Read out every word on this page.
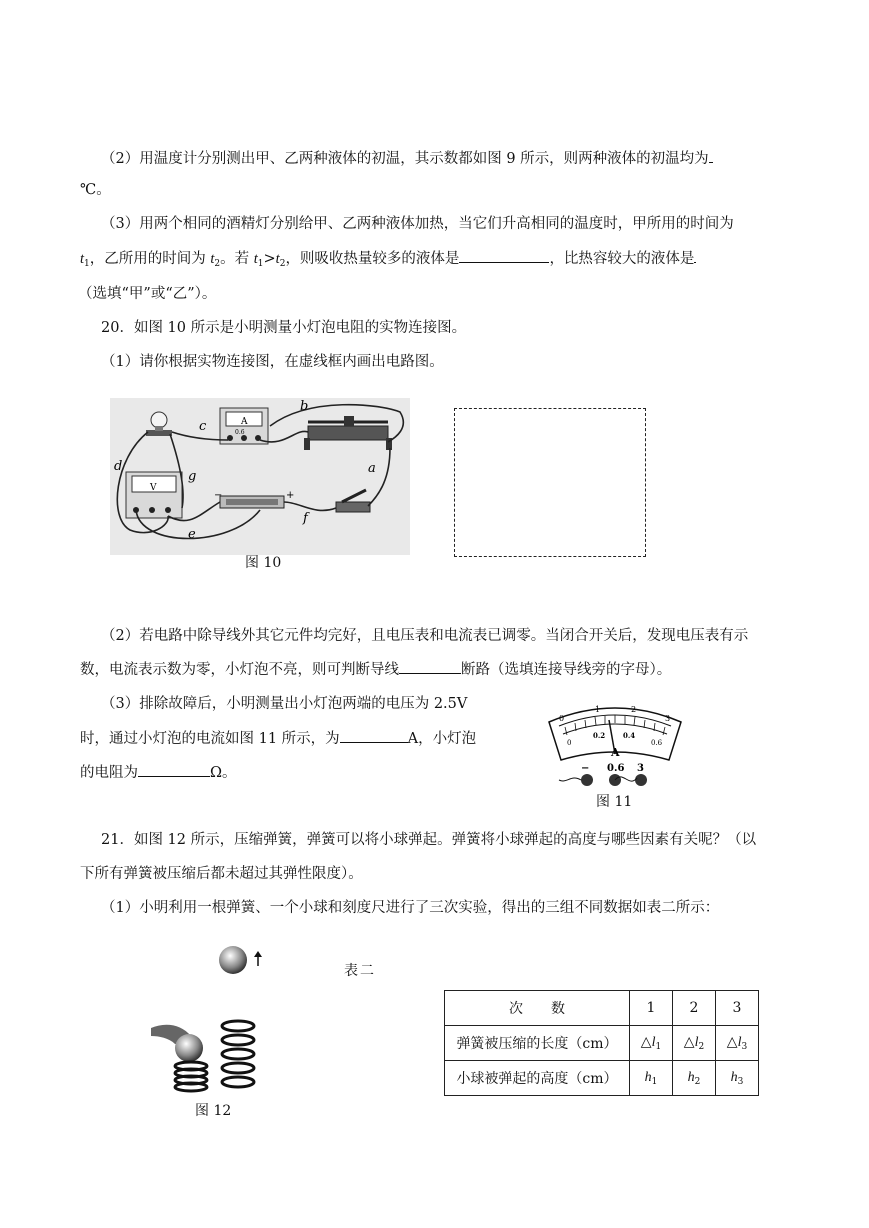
（2）用温度计分别测出甲、乙两种液体的初温，其示数都如图 9 所示，则两种液体的初温均为
℃。
（3）用两个相同的酒精灯分别给甲、乙两种液体加热，当它们升高相同的温度时，甲所用的时间为
$t_1$，乙所用的时间为 $t_2$。若 $t_1>t_2$，则吸收热量较多的液体是	，比热容较大的液体是
（选填“甲”或“乙”）。
20．如图 10 所示是小明测量小灯泡电阻的实物连接图。
（1）请你根据实物连接图，在虚线框内画出电路图。
c
b
d
g
a
f
e
V
A
0.6
−	+
图 10
（2）若电路中除导线外其它元件均完好，且电压表和电流表已调零。当闭合开关后，发现电压表有示
数，电流表示数为零，小灯泡不亮，则可判断导线	断路（选填连接导线旁的字母）。
（3）排除故障后，小明测量出小灯泡两端的电压为 2.5V
时，通过小灯泡的电流如图 11 所示，为	A，小灯泡
的电阻为	Ω。
0
1	2
3
0
0.2	0.4
0.6
A
− 0.6 3
图 11
21．如图 12 所示，压缩弹簧，弹簧可以将小球弹起。弹簧将小球弹起的高度与哪些因素有关呢？（以
下所有弹簧被压缩后都未超过其弹性限度）。
（1）小明利用一根弹簧、一个小球和刻度尺进行了三次实验，得出的三组不同数据如表二所示：
图 12
表二
次　　数	1	2	3
弹簧被压缩的长度（cm）	$\triangle l_1$	$\triangle l_2$	$\triangle l_3$
小球被弹起的高度（cm）	$h_1$	$h_2$	$h_3$
